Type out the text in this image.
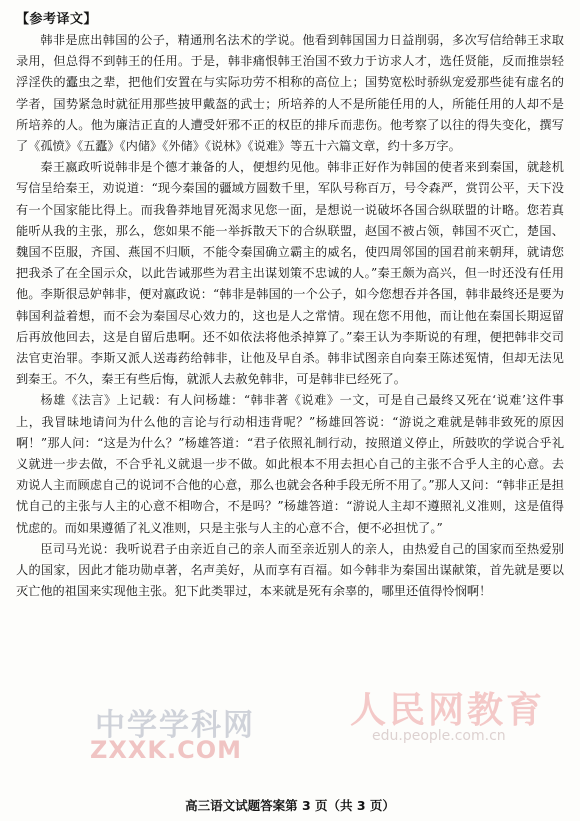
【参考译文】

韩非是庶出韩国的公子，精通刑名法术的学说。他看到韩国国力日益削弱，多次写信给韩王求取录用，但总得不到韩王的任用。于是，韩非痛恨韩王治国不致力于访求人才，选任贤能，反而推崇轻浮淫佚的蠹虫之辈，把他们安置在与实际功劳不相称的高位上；国势宽松时骄纵宠爱那些徒有虚名的学者，国势紧急时就征用那些披甲戴盔的武士；所培养的人不是所能任用的人，所能任用的人却不是所培养的人。他为廉洁正直的人遭受奸邪不正的权臣的排斥而悲伤。他考察了以往的得失变化，撰写了《孤愤》《五蠹》《内储》《外储》《说林》《说难》等五十六篇文章，约十多万字。

秦王嬴政听说韩非是个德才兼备的人，便想约见他。韩非正好作为韩国的使者来到秦国，就趁机写信呈给秦王，劝说道：“现今秦国的疆域方圆数千里，军队号称百万，号令森严，赏罚公平，天下没有一个国家能比得上。而我鲁莽地冒死渴求见您一面，是想说一说破坏各国合纵联盟的计略。您若真能听从我的主张，那么，您如果不能一举拆散天下的合纵联盟，赵国不被占领，韩国不灭亡，楚国、魏国不臣服，齐国、燕国不归顺，不能令秦国确立霸主的威名，使四周邻国的国君前来朝拜，就请您把我杀了在全国示众，以此告诫那些为君主出谋划策不忠诚的人。”秦王颇为高兴，但一时还没有任用他。李斯很忌妒韩非，便对嬴政说：“韩非是韩国的一个公子，如今您想吞并各国，韩非最终还是要为韩国利益着想，而不会为秦国尽心效力的，这也是人之常情。现在您不用他，而让他在秦国长期逗留后再放他回去，这是自留后患啊。还不如依法将他杀掉算了。”秦王认为李斯说的有理，便把韩非交司法官吏治罪。李斯又派人送毒药给韩非，让他及早自杀。韩非试图亲自向秦王陈述冤情，但却无法见到秦王。不久，秦王有些后悔，就派人去赦免韩非，可是韩非已经死了。

杨雄《法言》上记载：有人问杨雄：“韩非著《说难》一文，可是自己最终又死在‘说难’这件事上，我冒昧地请问为什么他的言论与行动相违背呢？”杨雄回答说：“游说之难就是韩非致死的原因啊！”那人问：“这是为什么？”杨雄答道：“君子依照礼制行动，按照道义停止，所鼓吹的学说合乎礼义就进一步去做，不合乎礼义就退一步不做。如此根本不用去担心自己的主张不合乎人主的心意。去劝说人主而顾虑自己的说词不合他的心意，那么也就会各种手段无所不用了。”那人又问：“韩非正是担忧自己的主张与人主的心意不相吻合，不是吗？”杨雄答道：“游说人主却不遵照礼义准则，这是值得忧虑的。而如果遵循了礼义准则，只是主张与人主的心意不合，便不必担忧了。”

臣司马光说：我听说君子由亲近自己的亲人而至亲近别人的亲人，由热爱自己的国家而至热爱别人的国家，因此才能功勋卓著，名声美好，从而享有百福。如今韩非为秦国出谋献策，首先就是要以灭亡他的祖国来实现他主张。犯下此类罪过，本来就是死有余辜的，哪里还值得怜悯啊！

中学学科网
ZXXK.COM
人民网教育
edu.people.com.cn
高三语文试题答案第 3 页（共 3 页）
